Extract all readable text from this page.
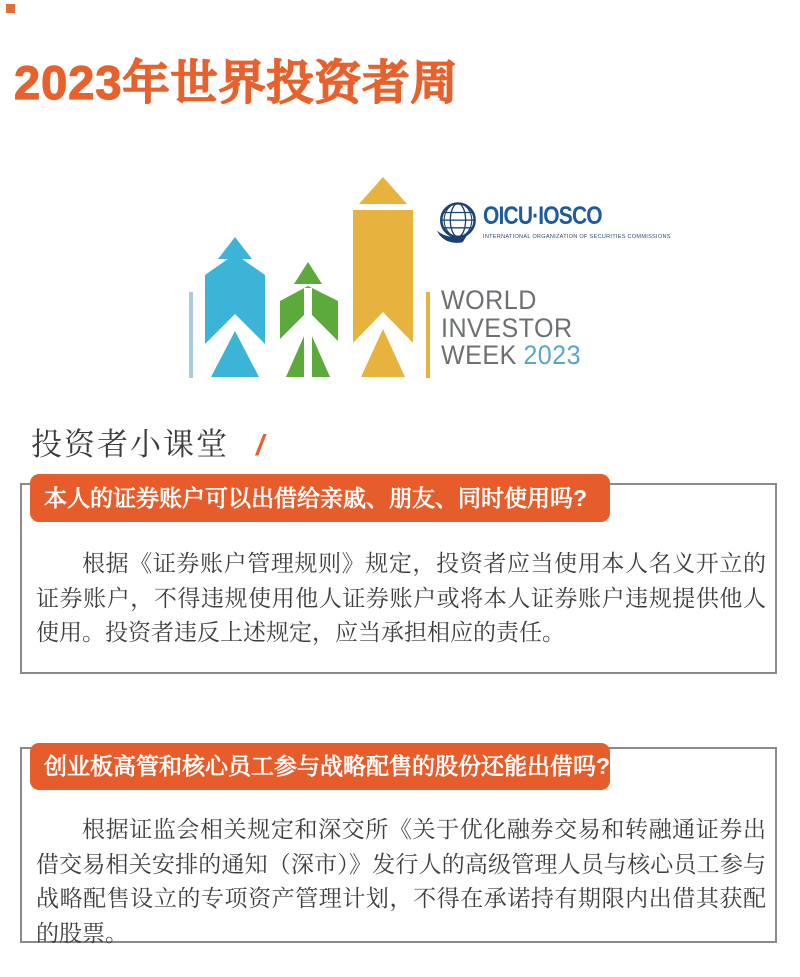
2023年世界投资者周
OICU·IOSCO
INTERNATIONAL ORGANIZATION OF SECURITIES COMMISSIONS
WORLD
INVESTOR
WEEK 2023
投资者小课堂 /
本人的证券账户可以出借给亲戚、朋友、同时使用吗?

根据《证券账户管理规则》规定，投资者应当使用本人名义开立的证券账户，不得违规使用他人证券账户或将本人证券账户违规提供他人使用。投资者违反上述规定，应当承担相应的责任。

创业板高管和核心员工参与战略配售的股份还能出借吗?

根据证监会相关规定和深交所《关于优化融券交易和转融通证券出借交易相关安排的通知（深市）》发行人的高级管理人员与核心员工参与战略配售设立的专项资产管理计划，不得在承诺持有期限内出借其获配的股票。
